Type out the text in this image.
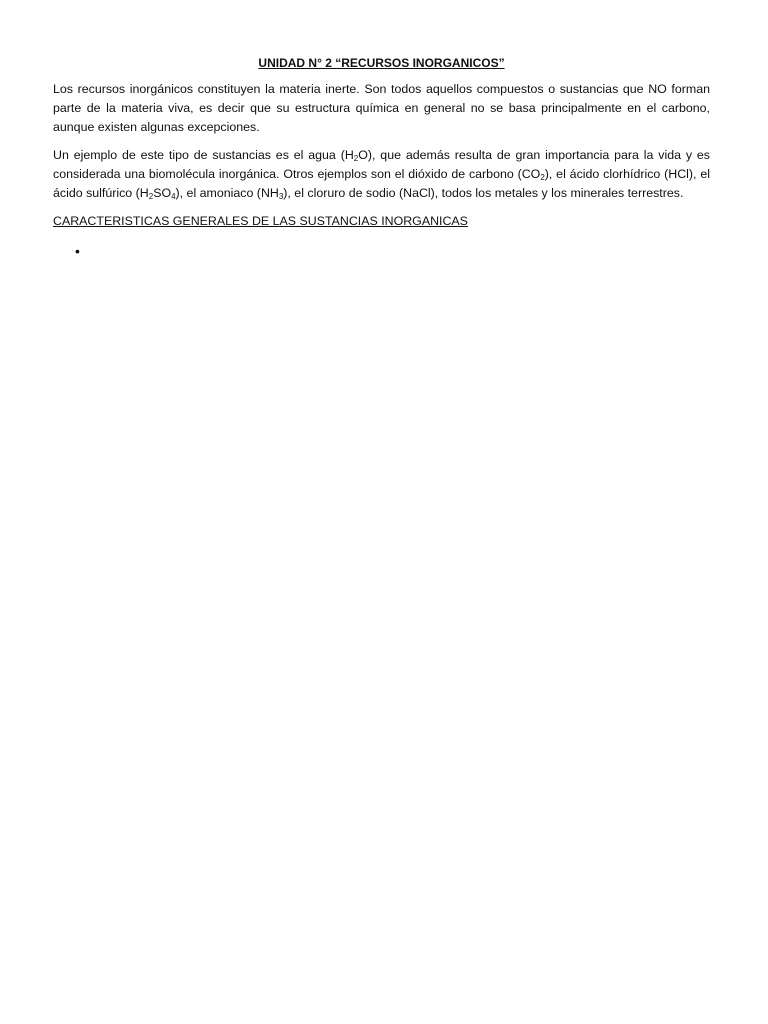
UNIDAD N° 2 “RECURSOS INORGANICOS”

Los recursos inorgánicos constituyen la materia inerte. Son todos aquellos compuestos o sustancias que NO forman parte de la materia viva, es decir que su estructura química en general no se basa principalmente en el carbono, aunque existen algunas excepciones.

Un ejemplo de este tipo de sustancias es el agua $(H_2O)$, que además resulta de gran importancia para la vida y es considerada una biomolécula inorgánica. Otros ejemplos son el dióxido de carbono $(CO_2)$, el ácido clorhídrico (HCl), el ácido sulfúrico $(H_2SO_4)$, el amoniaco $(NH_3)$, el cloruro de sodio (NaCl), todos los metales y los minerales terrestres.

CARACTERISTICAS GENERALES DE LAS SUSTANCIAS INORGANICAS

•
